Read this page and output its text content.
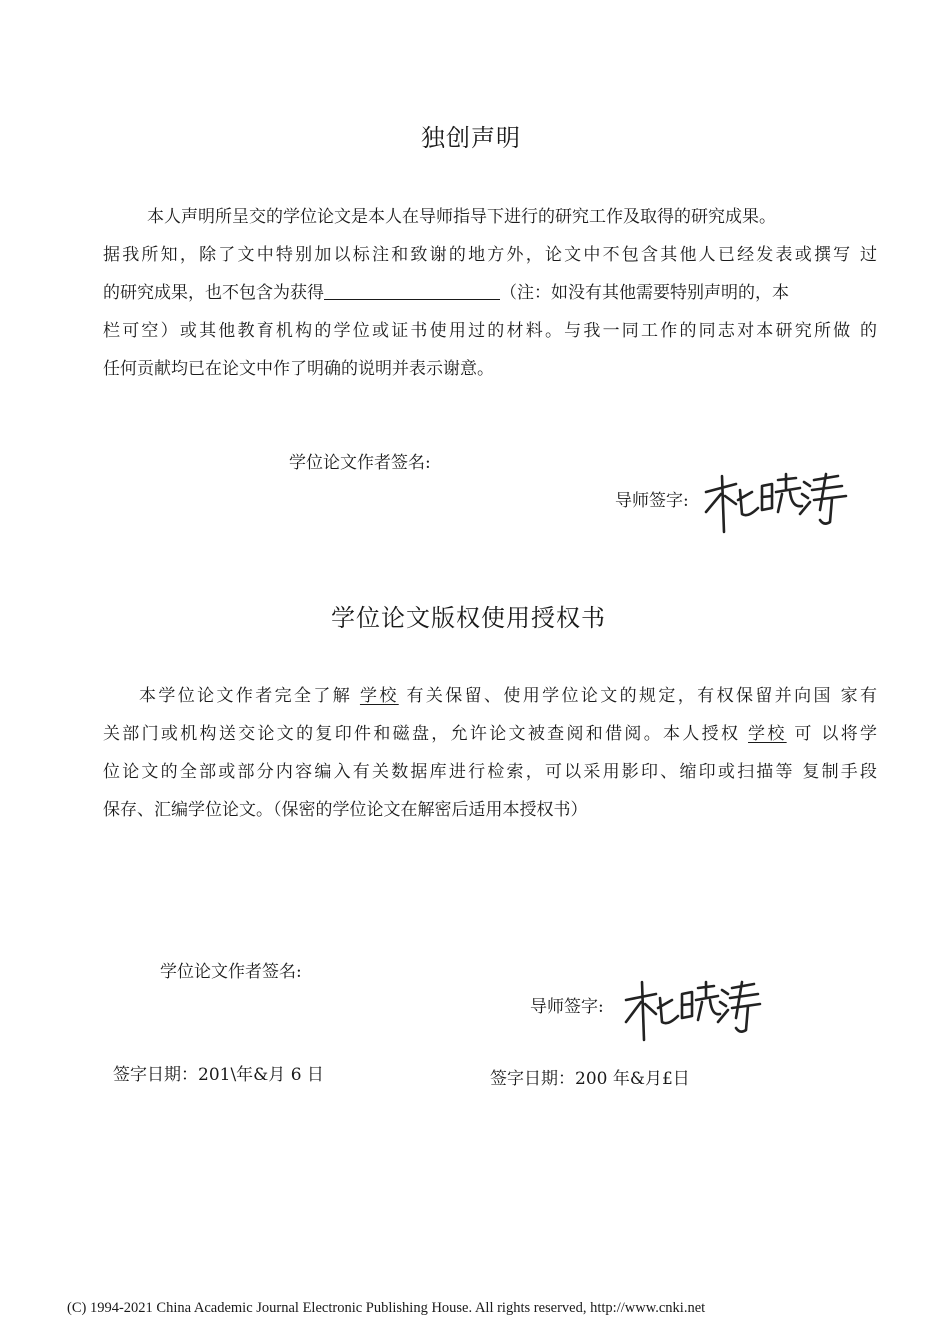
独创声明
本人声明所呈交的学位论文是本人在导师指导下进行的研究工作及取得的研究成果。
据我所知，除了文中特别加以标注和致谢的地方外，论文中不包含其他人已经发表或撰写 过
的研究成果，也不包含为获得	（注：如没有其他需要特别声明的，本
栏可空）或其他教育机构的学位或证书使用过的材料。与我一同工作的同志对本研究所做 的
任何贡献均已在论文中作了明确的说明并表示谢意。
学位论文作者签名:
导师签字:
学位论文版权使用授权书
本学位论文作者完全了解 学校 有关保留、使用学位论文的规定，有权保留并向国 家有
关部门或机构送交论文的复印件和磁盘，允许论文被查阅和借阅。本人授权 学校 可 以将学
位论文的全部或部分内容编入有关数据库进行检索，可以采用影印、缩印或扫描等 复制手段
保存、汇编学位论文。（保密的学位论文在解密后适用本授权书）
学位论文作者签名:
导师签字:
签字日期：201\年&月 6 日	签字日期：200 年&月£日
(C) 1994-2021 China Academic Journal Electronic Publishing House. All rights reserved, http://www.cnki.net
